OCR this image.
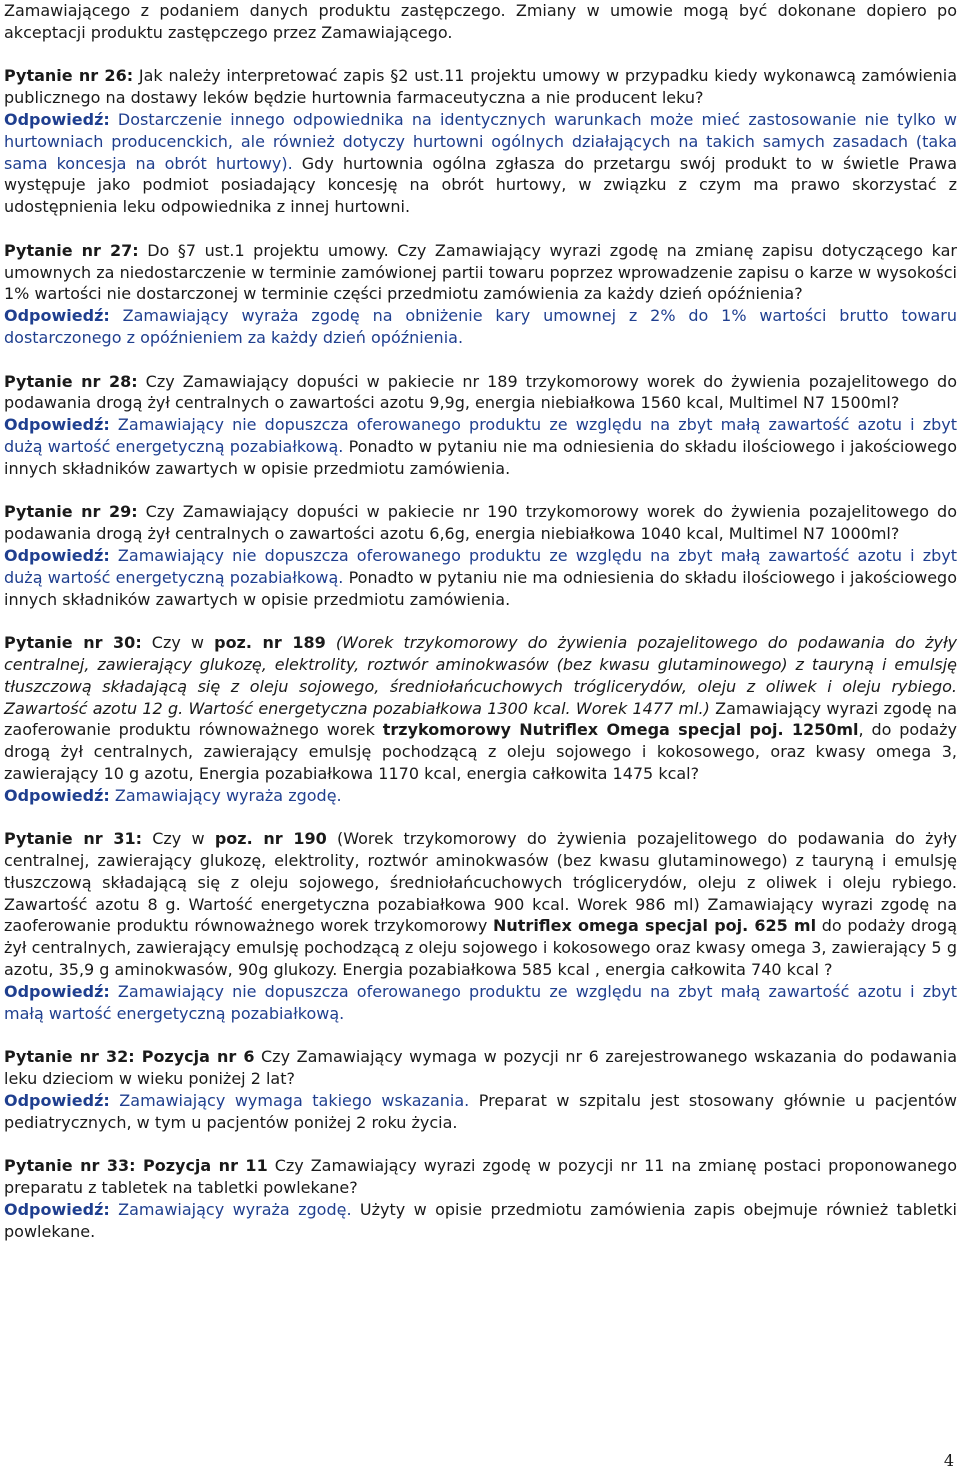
Zamawiającego z podaniem danych produktu zastępczego. Zmiany w umowie mogą być dokonane dopiero po akceptacji produktu zastępczego przez Zamawiającego.

Pytanie nr 26: Jak należy interpretować zapis §2 ust.11 projektu umowy w przypadku kiedy wykonawcą zamówienia publicznego na dostawy leków będzie hurtownia farmaceutyczna a nie producent leku?

Odpowiedź: Dostarczenie innego odpowiednika na identycznych warunkach może mieć zastosowanie nie tylko w hurtowniach producenckich, ale również dotyczy hurtowni ogólnych działających na takich samych zasadach (taka sama koncesja na obrót hurtowy). Gdy hurtownia ogólna zgłasza do przetargu swój produkt to w świetle Prawa występuje jako podmiot posiadający koncesję na obrót hurtowy, w związku z czym ma prawo skorzystać z udostępnienia leku odpowiednika z innej hurtowni.

Pytanie nr 27: Do §7 ust.1 projektu umowy. Czy Zamawiający wyrazi zgodę na zmianę zapisu dotyczącego kar umownych za niedostarczenie w terminie zamówionej partii towaru poprzez wprowadzenie zapisu o karze w wysokości 1% wartości nie dostarczonej w terminie części przedmiotu zamówienia za każdy dzień opóźnienia?

Odpowiedź: Zamawiający wyraża zgodę na obniżenie kary umownej z 2% do 1% wartości brutto towaru dostarczonego z opóźnieniem za każdy dzień opóźnienia.

Pytanie nr 28: Czy Zamawiający dopuści w pakiecie nr 189 trzykomorowy worek do żywienia pozajelitowego do podawania drogą żył centralnych o zawartości azotu 9,9g, energia niebiałkowa 1560 kcal, Multimel N7 1500ml?

Odpowiedź: Zamawiający nie dopuszcza oferowanego produktu ze względu na zbyt małą zawartość azotu i zbyt dużą wartość energetyczną pozabiałkową. Ponadto w pytaniu nie ma odniesienia do składu ilościowego i jakościowego innych składników zawartych w opisie przedmiotu zamówienia.

Pytanie nr 29: Czy Zamawiający dopuści w pakiecie nr 190 trzykomorowy worek do żywienia pozajelitowego do podawania drogą żył centralnych o zawartości azotu 6,6g, energia niebiałkowa 1040 kcal, Multimel N7 1000ml?

Odpowiedź: Zamawiający nie dopuszcza oferowanego produktu ze względu na zbyt małą zawartość azotu i zbyt dużą wartość energetyczną pozabiałkową. Ponadto w pytaniu nie ma odniesienia do składu ilościowego i jakościowego innych składników zawartych w opisie przedmiotu zamówienia.

Pytanie nr 30: Czy w poz. nr 189 (Worek trzykomorowy do żywienia pozajelitowego do podawania do żyły centralnej, zawierający glukozę, elektrolity, roztwór aminokwasów (bez kwasu glutaminowego) z tauryną i emulsję tłuszczową składającą się z oleju sojowego, średniołańcuchowych tróglicerydów, oleju z oliwek i oleju rybiego. Zawartość azotu 12 g. Wartość energetyczna pozabiałkowa 1300 kcal. Worek 1477 ml.) Zamawiający wyrazi zgodę na zaoferowanie produktu równoważnego worek trzykomorowy Nutriflex Omega specjal poj. 1250ml, do podaży drogą żył centralnych, zawierający emulsję pochodzącą z oleju sojowego i kokosowego, oraz kwasy omega 3, zawierający 10 g azotu, Energia pozabiałkowa 1170 kcal, energia całkowita 1475 kcal?

Odpowiedź: Zamawiający wyraża zgodę.

Pytanie nr 31: Czy w poz. nr 190 (Worek trzykomorowy do żywienia pozajelitowego do podawania do żyły centralnej, zawierający glukozę, elektrolity, roztwór aminokwasów (bez kwasu glutaminowego) z tauryną i emulsję tłuszczową składającą się z oleju sojowego, średniołańcuchowych tróglicerydów, oleju z oliwek i oleju rybiego. Zawartość azotu 8 g. Wartość energetyczna pozabiałkowa 900 kcal. Worek 986 ml) Zamawiający wyrazi zgodę na zaoferowanie produktu równoważnego worek trzykomorowy Nutriflex omega specjal poj. 625 ml do podaży drogą żył centralnych, zawierający emulsję pochodzącą z oleju sojowego i kokosowego oraz kwasy omega 3, zawierający 5 g azotu, 35,9 g aminokwasów, 90g glukozy. Energia pozabiałkowa 585 kcal , energia całkowita 740 kcal ?

Odpowiedź: Zamawiający nie dopuszcza oferowanego produktu ze względu na zbyt małą zawartość azotu i zbyt małą wartość energetyczną pozabiałkową.

Pytanie nr 32: Pozycja nr 6 Czy Zamawiający wymaga w pozycji nr 6 zarejestrowanego wskazania do podawania leku dzieciom w wieku poniżej 2 lat?

Odpowiedź: Zamawiający wymaga takiego wskazania. Preparat w szpitalu jest stosowany głównie u pacjentów pediatrycznych, w tym u pacjentów poniżej 2 roku życia.

Pytanie nr 33: Pozycja nr 11 Czy Zamawiający wyrazi zgodę w pozycji nr 11 na zmianę postaci proponowanego preparatu z tabletek na tabletki powlekane?

Odpowiedź: Zamawiający wyraża zgodę. Użyty w opisie przedmiotu zamówienia zapis obejmuje również tabletki powlekane.

4
